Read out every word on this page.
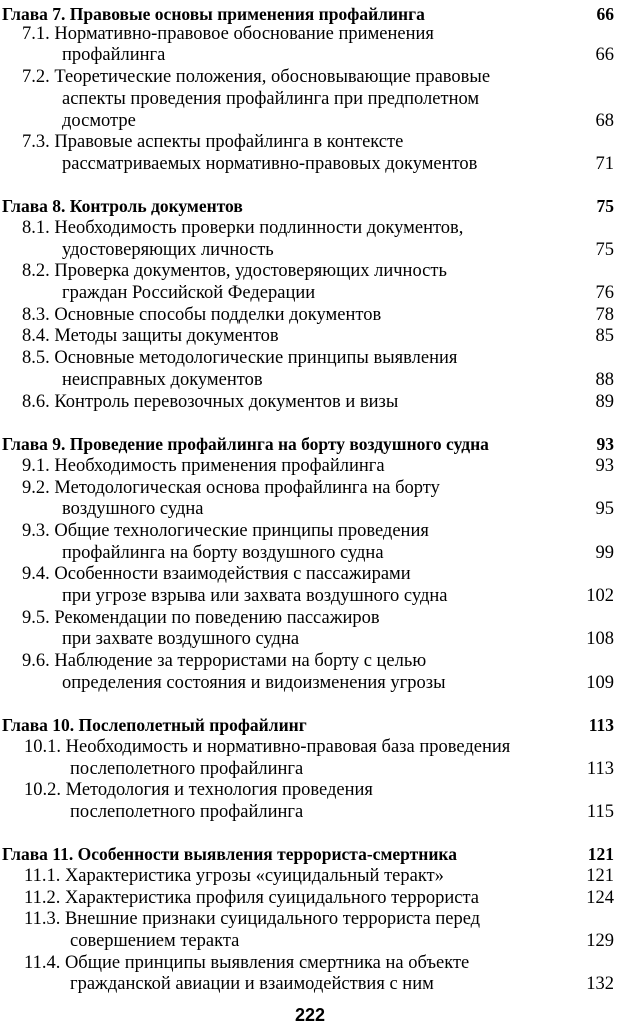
Глава 7. Правовые основы применения профайлинга	66
7.1. Нормативно-правовое обоснование применения
профайлинга	66
7.2. Теоретические положения, обосновывающие правовые
аспекты проведения профайлинга при предполетном
досмотре	68
7.3. Правовые аспекты профайлинга в контексте
рассматриваемых нормативно-правовых документов	71
Глава 8. Контроль документов	75
8.1. Необходимость проверки подлинности документов,
удостоверяющих личность	75
8.2. Проверка документов, удостоверяющих личность
граждан Российской Федерации	76
8.3. Основные способы подделки документов	78
8.4. Методы защиты документов	85
8.5. Основные методологические принципы выявления
неисправных документов	88
8.6. Контроль перевозочных документов и визы	89
Глава 9. Проведение профайлинга на борту воздушного судна	93
9.1. Необходимость применения профайлинга	93
9.2. Методологическая основа профайлинга на борту
воздушного судна	95
9.3. Общие технологические принципы проведения
профайлинга на борту воздушного судна	99
9.4. Особенности взаимодействия с пассажирами
при угрозе взрыва или захвата воздушного судна	102
9.5. Рекомендации по поведению пассажиров
при захвате воздушного судна	108
9.6. Наблюдение за террористами на борту с целью
определения состояния и видоизменения угрозы	109
Глава 10. Послеполетный профайлинг	113
10.1. Необходимость и нормативно-правовая база проведения
послеполетного профайлинга	113
10.2. Методология и технология проведения
послеполетного профайлинга	115
Глава 11. Особенности выявления террориста-смертника	121
11.1. Характеристика угрозы «суицидальный теракт»	121
11.2. Характеристика профиля суицидального террориста	124
11.3. Внешние признаки суицидального террориста перед
совершением теракта	129
11.4. Общие принципы выявления смертника на объекте
гражданской авиации и взаимодействия с ним	132
222
